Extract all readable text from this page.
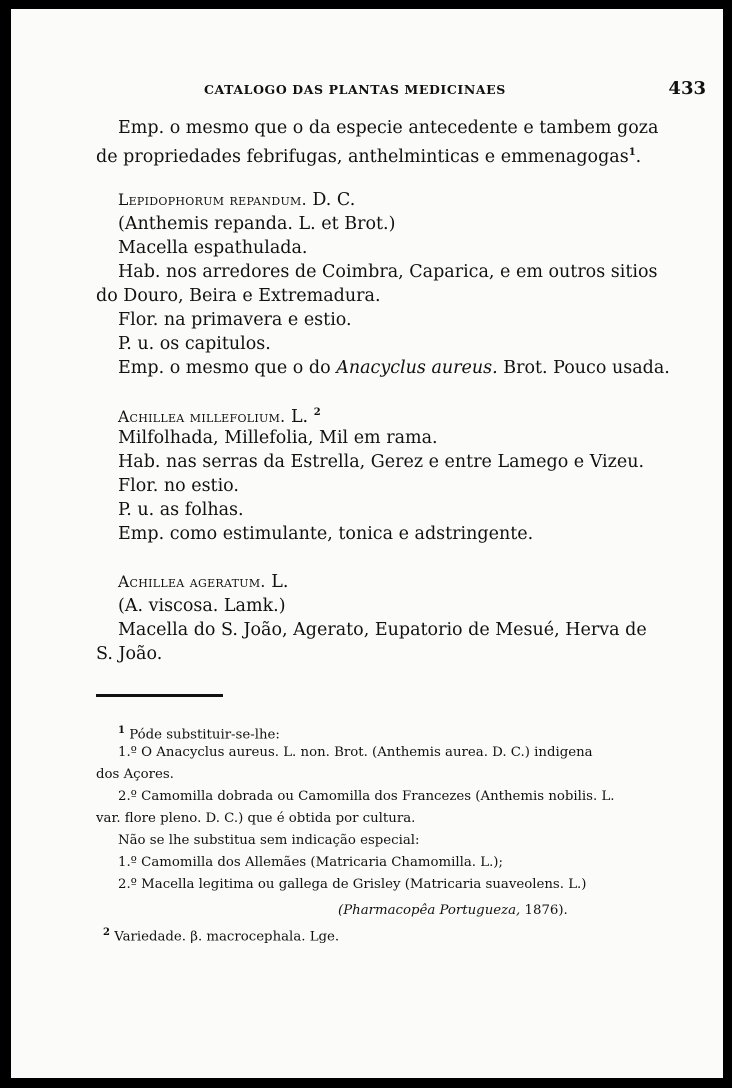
CATALOGO DAS PLANTAS MEDICINAES	433
Emp. o mesmo que o da especie antecedente e tambem goza
de propriedades febrifugas, anthelminticas e emmenagogas$^1$.
Lepidophorum repandum. D. C.
(Anthemis repanda. L. et Brot.)
Macella espathulada.
Hab. nos arredores de Coimbra, Caparica, e em outros sitios
do Douro, Beira e Extremadura.
Flor. na primavera e estio.
P. u. os capitulos.
Emp. o mesmo que o do Anacyclus aureus. Brot. Pouco usada.
Achillea millefolium. L. $^2$
Milfolhada, Millefolia, Mil em rama.
Hab. nas serras da Estrella, Gerez e entre Lamego e Vizeu.
Flor. no estio.
P. u. as folhas.
Emp. como estimulante, tonica e adstringente.
Achillea ageratum. L.
(A. viscosa. Lamk.)
Macella do S. João, Agerato, Eupatorio de Mesué, Herva de
S. João.
$^1$ Póde substituir-se-lhe:
1.º O Anacyclus aureus. L. non. Brot. (Anthemis aurea. D. C.) indigena
dos Açores.
2.º Camomilla dobrada ou Camomilla dos Francezes (Anthemis nobilis. L.
var. flore pleno. D. C.) que é obtida por cultura.
Não se lhe substitua sem indicação especial:
1.º Camomilla dos Allemães (Matricaria Chamomilla. L.);
2.º Macella legitima ou gallega de Grisley (Matricaria suaveolens. L.)
(Pharmacopêa Portugueza, 1876).
$^2$ Variedade. β. macrocephala. Lge.
